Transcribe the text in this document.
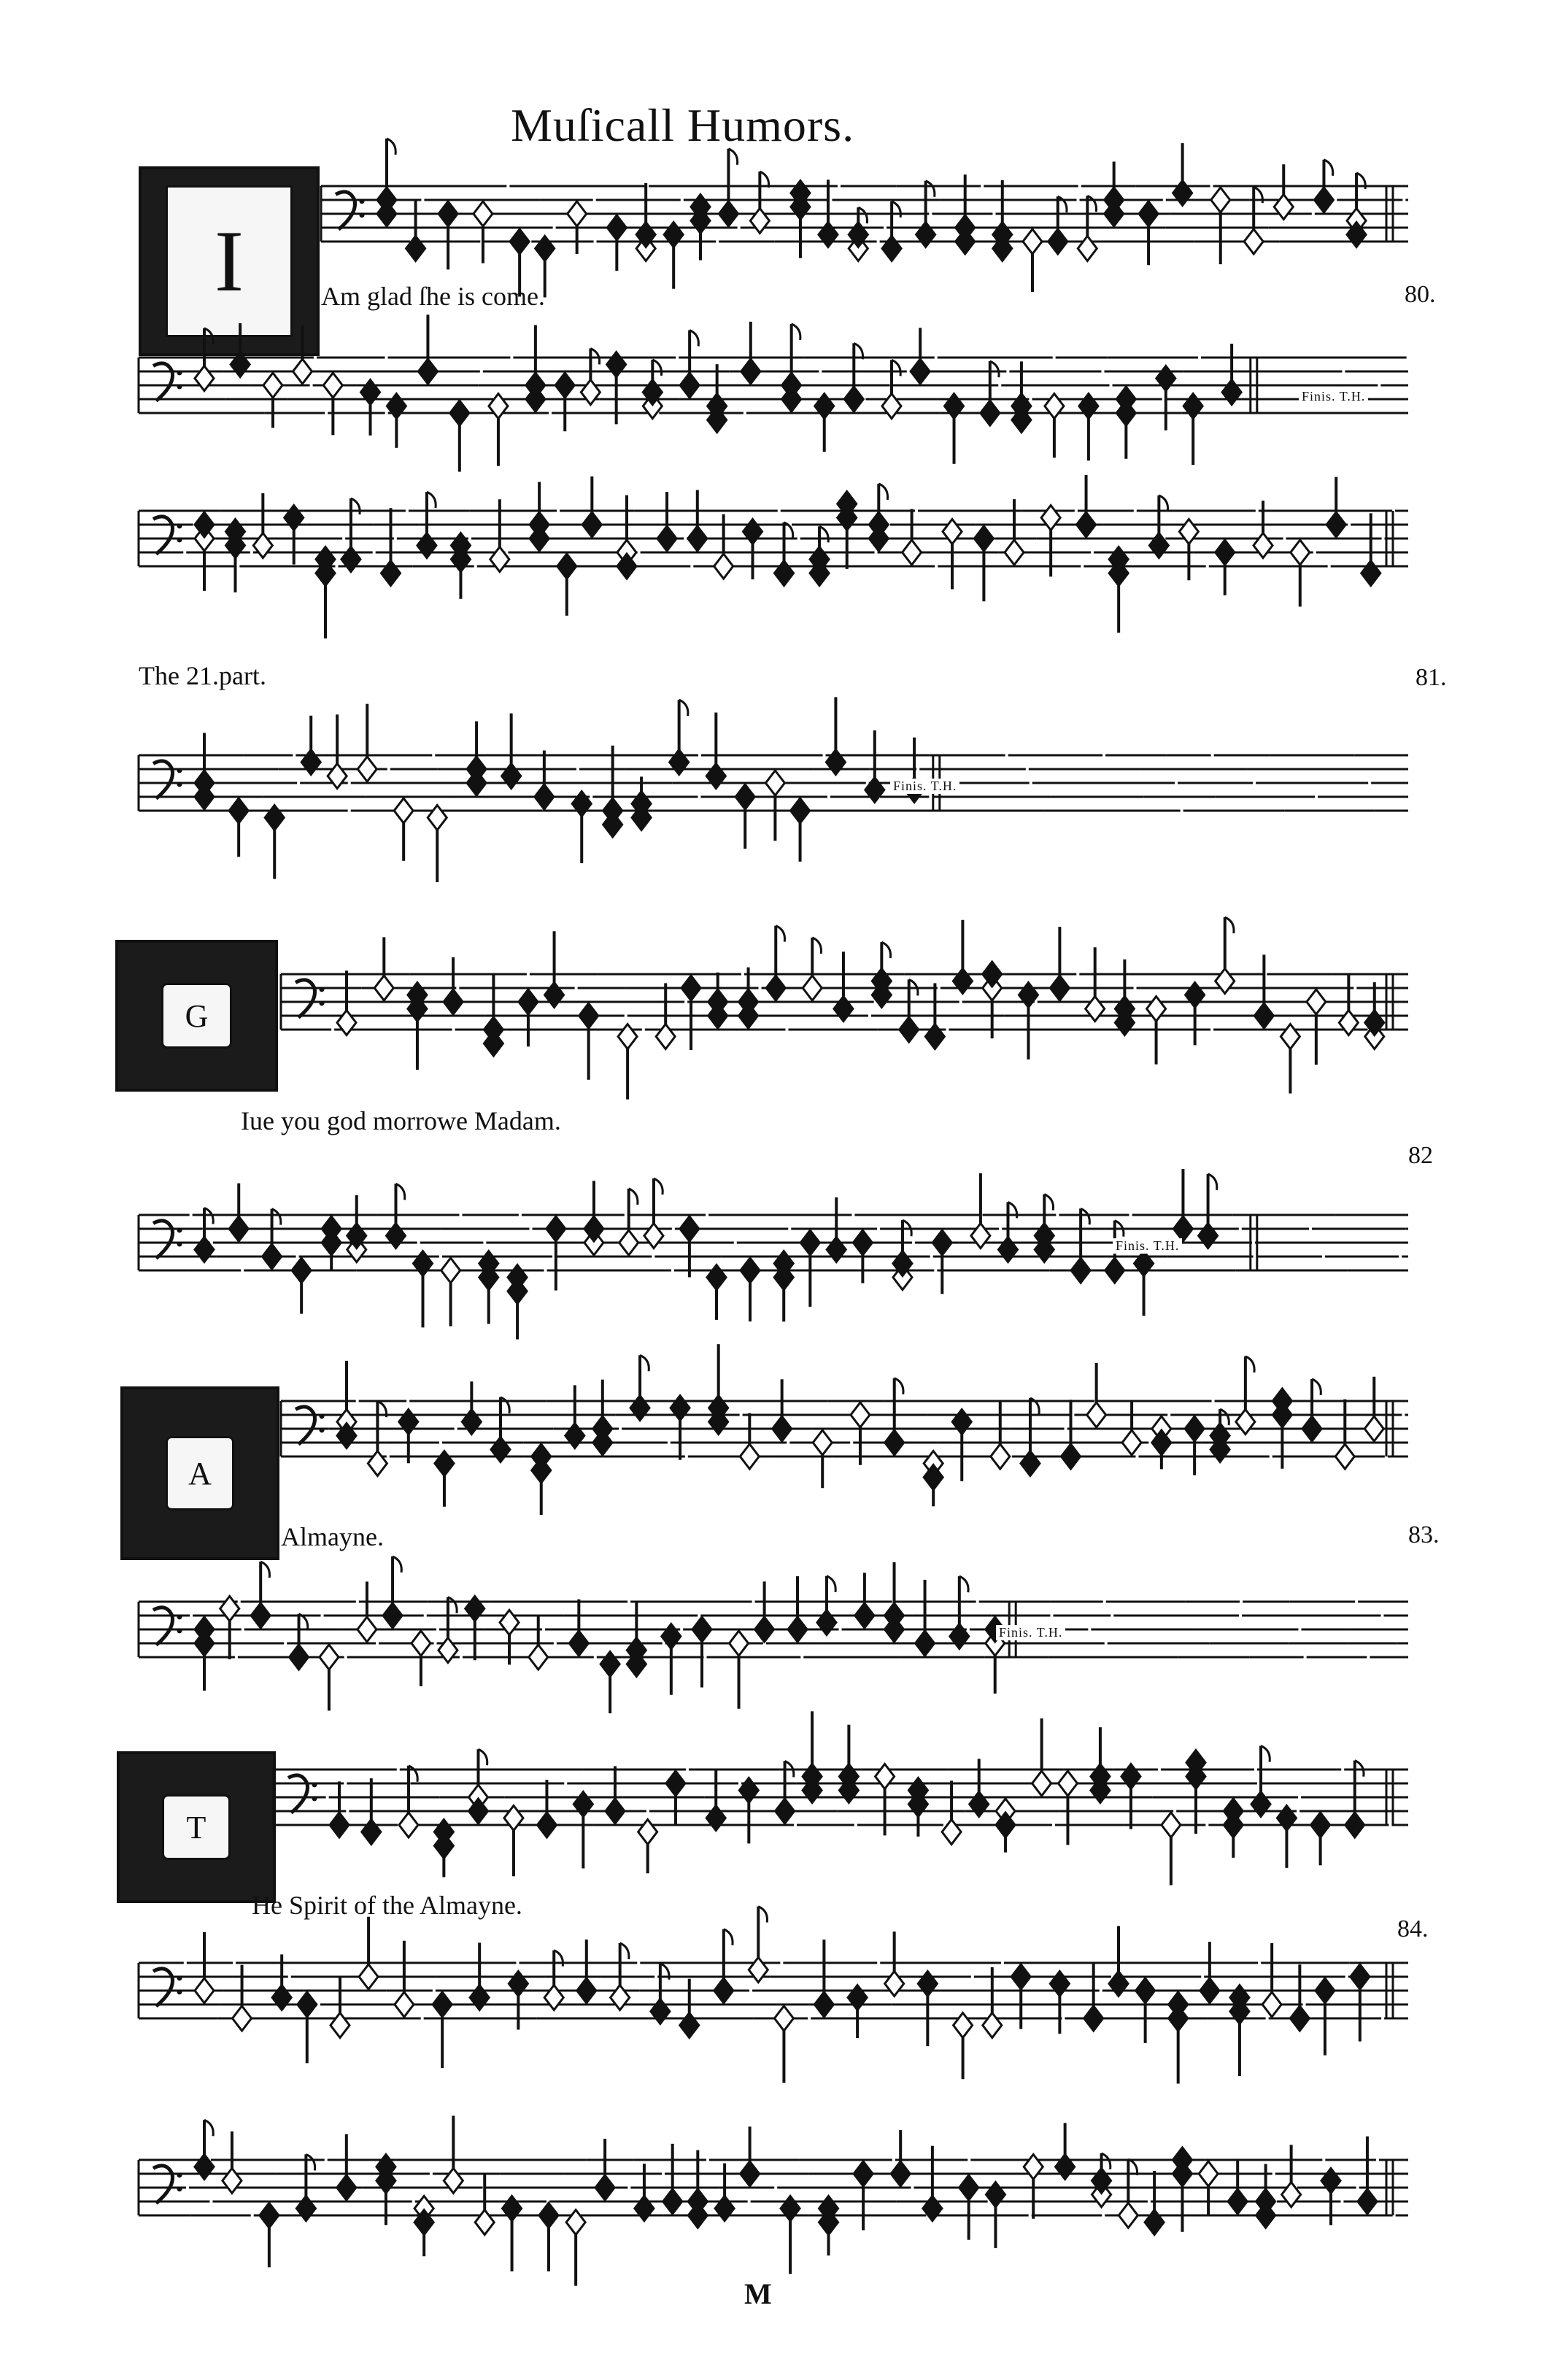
Muſicall Humors.
I	Am glad ſhe is come.	80.
Finis. T.H.
The 21.part.	81.
Finis. T.H.
G
Iue you god morrowe Madam.
82
Finis. T.H.
A
Almayne.	83.
Finis. T.H.
T
He Spirit of the Almayne.
84.
M
